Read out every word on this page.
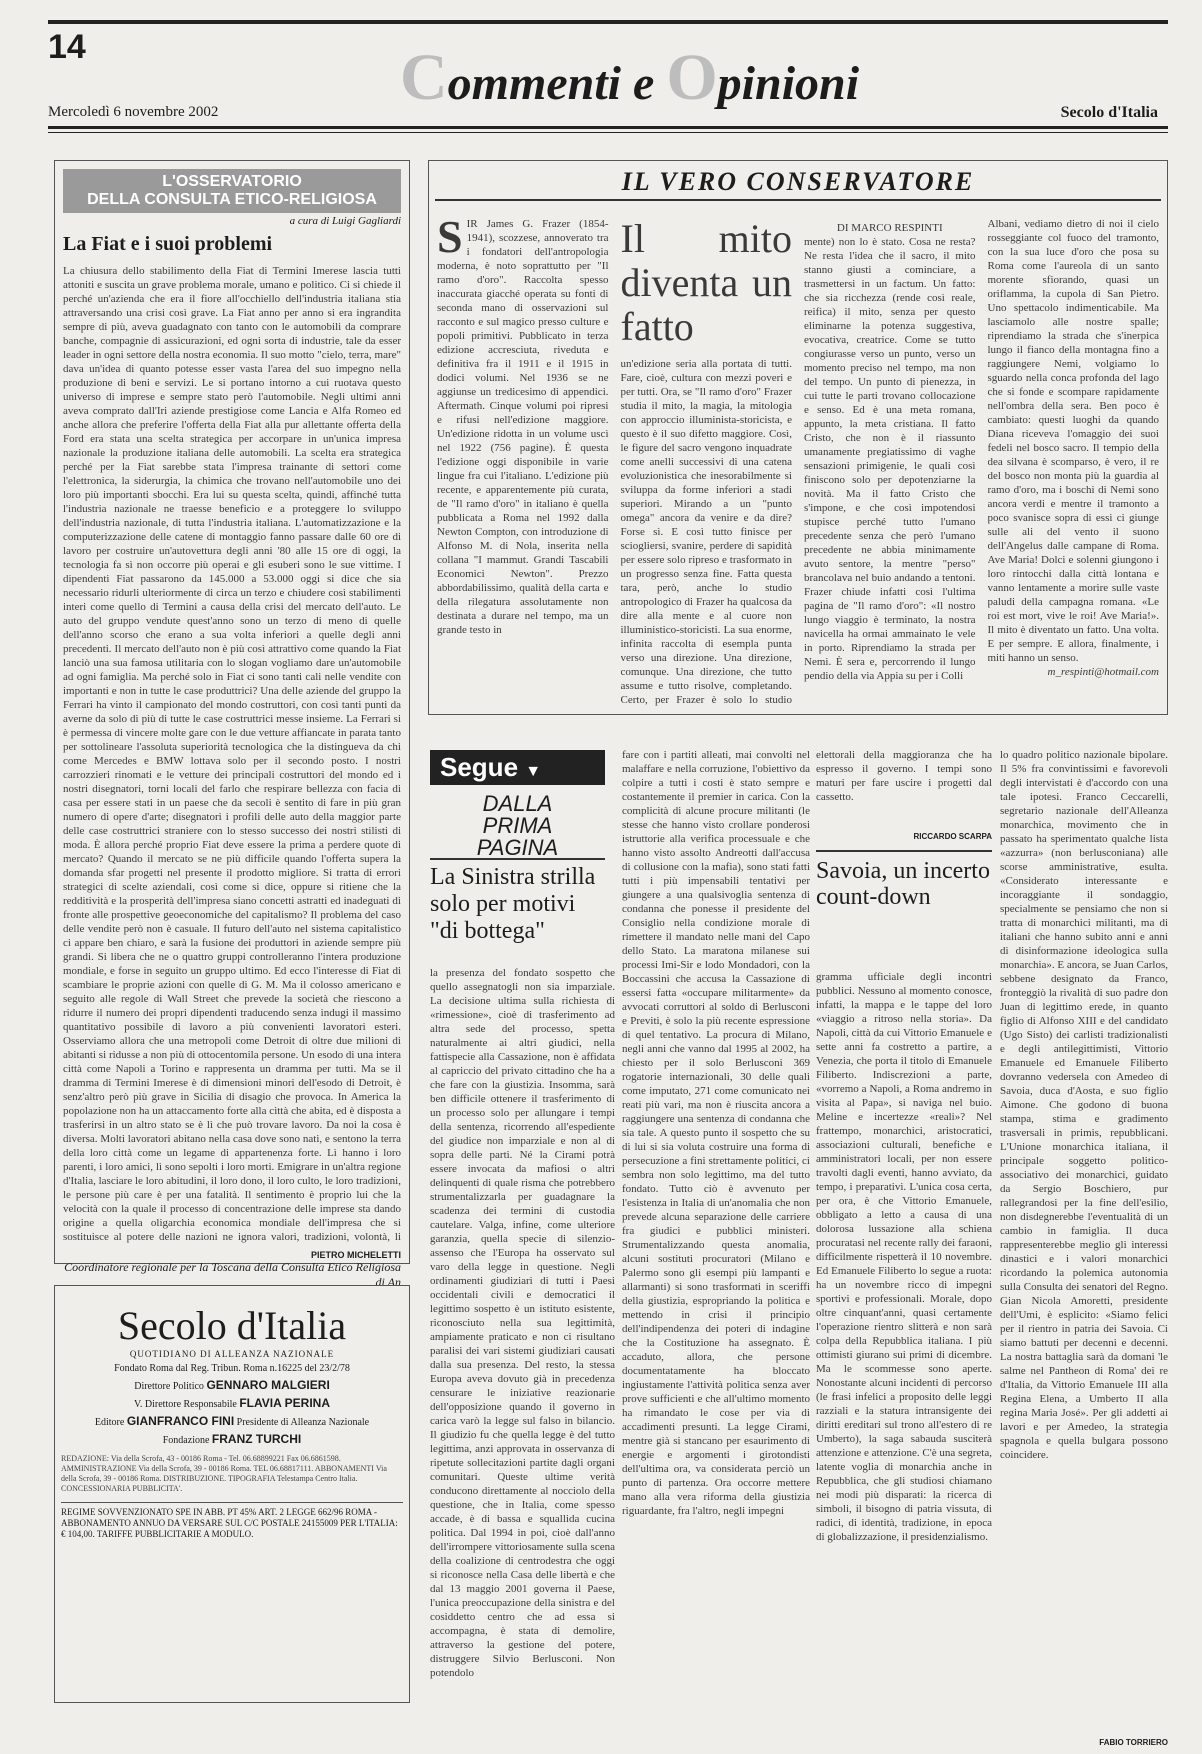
14	Commenti e Opinioni
Mercoledì 6 novembre 2002	Secolo d'Italia
L'OSSERVATORIO
DELLA CONSULTA ETICO-RELIGIOSA
a cura di Luigi Gagliardi
La Fiat e i suoi problemi
La chiusura dello stabilimento della Fiat di Termini Imerese lascia tutti attoniti e suscita un grave problema morale, umano e politico. Ci si chiede il perché un'azienda che era il fiore all'occhiello dell'industria italiana stia attraversando una crisi così grave. La Fiat anno per anno si era ingrandita sempre di più, aveva guadagnato con tanto con le automobili da comprare banche, compagnie di assicurazioni, ed ogni sorta di industrie, tale da esser leader in ogni settore della nostra economia. Il suo motto "cielo, terra, mare" dava un'idea di quanto potesse esser vasta l'area del suo impegno nella produzione di beni e servizi. Le si portano intorno a cui ruotava questo universo di imprese e sempre stato però l'automobile. Negli ultimi anni aveva comprato dall'Iri aziende prestigiose come Lancia e Alfa Romeo ed anche allora che preferire l'offerta della Fiat alla pur allettante offerta della Ford era stata una scelta strategica per accorpare in un'unica impresa nazionale la produzione italiana delle automobili. La scelta era strategica perché per la Fiat sarebbe stata l'impresa trainante di settori come l'elettronica, la siderurgia, la chimica che trovano nell'automobile uno dei loro più importanti sbocchi. Era lui su questa scelta, quindi, affinché tutta l'industria nazionale ne traesse beneficio e a proteggere lo sviluppo dell'industria nazionale, di tutta l'industria italiana. L'automatizzazione e la computerizzazione delle catene di montaggio fanno passare dalle 60 ore di lavoro per costruire un'autovettura degli anni '80 alle 15 ore di oggi, la tecnologia fa sì non occorre più operai e gli esuberi sono le sue vittime. I dipendenti Fiat passarono da 145.000 a 53.000 oggi si dice che sia necessario ridurli ulteriormente di circa un terzo e chiudere così stabilimenti interi come quello di Termini a causa della crisi del mercato dell'auto. Le auto del gruppo vendute quest'anno sono un terzo di meno di quelle dell'anno scorso che erano a sua volta inferiori a quelle degli anni precedenti. Il mercato dell'auto non è più così attrattivo come quando la Fiat lanciò una sua famosa utilitaria con lo slogan vogliamo dare un'automobile ad ogni famiglia. Ma perché solo in Fiat ci sono tanti cali nelle vendite con importanti e non in tutte le case produttrici? Una delle aziende del gruppo la Ferrari ha vinto il campionato del mondo costruttori, con così tanti punti da averne da solo di più di tutte le case costruttrici messe insieme. La Ferrari si è permessa di vincere molte gare con le due vetture affiancate in parata tanto per sottolineare l'assoluta superiorità tecnologica che la distingueva da chi come Mercedes e BMW lottava solo per il secondo posto. I nostri carrozzieri rinomati e le vetture dei principali costruttori del mondo ed i nostri disegnatori, torni locali del farlo che respirare bellezza con facia di casa per essere stati in un paese che da secoli è sentito di fare in più gran numero di opere d'arte; disegnatori i profili delle auto della maggior parte delle case costruttrici straniere con lo stesso successo dei nostri stilisti di moda. È allora perché proprio Fiat deve essere la prima a perdere quote di mercato? Quando il mercato se ne più difficile quando l'offerta supera la domanda sfar progetti nel presente il prodotto migliore. Si tratta di errori strategici di scelte aziendali, così come si dice, oppure si ritiene che la redditività e la prosperità dell'impresa siano concetti astratti ed inadeguati di fronte alle prospettive geoeconomiche del capitalismo? Il problema del caso delle vendite però non è casuale. Il futuro dell'auto nel sistema capitalistico ci appare ben chiaro, e sarà la fusione dei produttori in aziende sempre più grandi. Si libera che ne o quattro gruppi controlleranno l'intera produzione mondiale, e forse in seguito un gruppo ultimo. Ed ecco l'interesse di Fiat di scambiare le proprie azioni con quelle di G. M. Ma il colosso americano e seguito alle regole di Wall Street che prevede la società che riescono a ridurre il numero dei propri dipendenti traducendo senza indugi il massimo quantitativo possibile di lavoro a più convenienti lavoratori esteri. Osserviamo allora che una metropoli come Detroit di oltre due milioni di abitanti si ridusse a non più di ottocentomila persone. Un esodo di una intera città come Napoli a Torino e rappresenta un dramma per tutti. Ma se il dramma di Termini Imerese è di dimensioni minori dell'esodo di Detroit, è senz'altro però più grave in Sicilia di disagio che provoca. In America la popolazione non ha un attaccamento forte alla città che abita, ed è disposta a trasferirsi in un altro stato se è lì che può trovare lavoro. Da noi la cosa è diversa. Molti lavoratori abitano nella casa dove sono nati, e sentono la terra della loro città come un legame di appartenenza forte. Lì hanno i loro parenti, i loro amici, lì sono sepolti i loro morti. Emigrare in un'altra regione d'Italia, lasciare le loro abitudini, il loro dono, il loro culto, le loro tradizioni, le persone più care è per una fatalità. Il sentimento è proprio lui che la velocità con la quale il processo di concentrazione delle imprese sta dando origine a quella oligarchia economica mondiale dell'impresa che si sostituisce al potere delle nazioni ne ignora valori, tradizioni, volontà, li
PIETRO MICHELETTI
Coordinatore regionale per la Toscana della Consulta Etico Religiosa di An
Secolo d'Italia
QUOTIDIANO DI ALLEANZA NAZIONALE
Fondato Roma dal Reg. Tribun. Roma n.16225 del 23/2/78
Direttore Politico GENNARO MALGIERI
V. Direttore Responsabile FLAVIA PERINA
Editore GIANFRANCO FINI Presidente di Alleanza Nazionale
Fondazione FRANZ TURCHI
REDAZIONE: Via della Scrofa, 43 - 00186 Roma - Tel. 06.68899221 Fax 06.6861598. AMMINISTRAZIONE Via della Scrofa, 39 - 00186 Roma. TEL 06.68817111. ABBONAMENTI Via della Scrofa, 39 - 00186 Roma. DISTRIBUZIONE. TIPOGRAFIA Telestampa Centro Italia. CONCESSIONARIA PUBBLICITA'.
REGIME SOVVENZIONATO SPE IN ABB. PT 45% ART. 2 LEGGE 662/96 ROMA - ABBONAMENTO ANNUO DA VERSARE SUL C/C POSTALE 24155009 PER L'ITALIA: € 104,00. TARIFFE PUBBLICITARIE A MODULO.
IL VERO CONSERVATORE
SIR James G. Frazer (1854-1941), scozzese, annoverato tra i fondatori dell'antropologia moderna, è noto soprattutto per "Il ramo d'oro". Raccolta spesso inaccurata giacché operata su fonti di seconda mano di osservazioni sul racconto e sul magico presso culture e popoli primitivi. Pubblicato in terza edizione accresciuta, riveduta e definitiva fra il 1911 e il 1915 in dodici volumi. Nel 1936 se ne aggiunse un tredicesimo di appendici. Aftermath. Cinque volumi poi ripresi e rifusi nell'edizione maggiore. Un'edizione ridotta in un volume uscì nel 1922 (756 pagine). È questa l'edizione oggi disponibile in varie lingue fra cui l'italiano. L'edizione più recente, e apparentemente più curata, de "Il ramo d'oro" in italiano è quella pubblicata a Roma nel 1992 dalla Newton Compton, con introduzione di Alfonso M. di Nola, inserita nella collana "I mammut. Grandi Tascabili Economici Newton". Prezzo abbordabilissimo, qualità della carta e della rilegatura assolutamente non destinata a durare nel tempo, ma un grande testo in
Il mito diventa un fatto
un'edizione seria alla portata di tutti. Fare, cioè, cultura con mezzi poveri e per tutti. Ora, se "Il ramo d'oro" Frazer studia il mito, la magia, la mitologia con approccio illuminista-storicista, e questo è il suo difetto maggiore. Così, le figure del sacro vengono inquadrate come anelli successivi di una catena evoluzionistica che inesorabilmente si sviluppa da forme inferiori a stadi superiori. Mirando a un "punto omega" ancora da venire e da dire? Forse sì. E così tutto finisce per sciogliersi, svanire, perdere di sapidità per essere solo ripreso e trasformato in un progresso senza fine. Fatta questa tara, però, anche lo studio antropologico di Frazer ha qualcosa da dire alla mente e al cuore non illuministico-storicisti. La sua enorme, infinita raccolta di esempla punta verso una direzione. Una direzione, comunque. Una direzione, che tutto assume e tutto risolve, completando. Certo, per Frazer è solo lo studio
DI MARCO RESPINTI
mente) non lo è stato. Cosa ne resta? Ne resta l'idea che il sacro, il mito stanno giusti a cominciare, a trasmettersi in un factum. Un fatto: che sia ricchezza (rende così reale, reifica) il mito, senza per questo eliminarne la potenza suggestiva, evocativa, creatrice. Come se tutto congiurasse verso un punto, verso un momento preciso nel tempo, ma non del tempo. Un punto di pienezza, in cui tutte le parti trovano collocazione e senso. Ed è una meta romana, appunto, la meta cristiana. Il fatto Cristo, che non è il riassunto umanamente pregiatissimo di vaghe sensazioni primigenie, le quali così finiscono solo per depotenziarne la novità. Ma il fatto Cristo che s'impone, e che così impotendosi stupisce perché tutto l'umano precedente senza che però l'umano precedente ne abbia minimamente avuto sentore, la mentre "perso" brancolava nel buio andando a tentoni. Frazer chiude infatti così l'ultima pagina de "Il ramo d'oro": «Il nostro lungo viaggio è terminato, la nostra navicella ha ormai ammainato le vele in porto. Riprendiamo la strada per Nemi. È sera e, percorrendo il lungo pendio della via Appia su per i Colli
Albani, vediamo dietro di noi il cielo rosseggiante col fuoco del tramonto, con la sua luce d'oro che posa su Roma come l'aureola di un santo morente sfiorando, quasi un oriflamma, la cupola di San Pietro. Uno spettacolo indimenticabile. Ma lasciamolo alle nostre spalle; riprendiamo la strada che s'inerpica lungo il fianco della montagna fino a raggiungere Nemi, volgiamo lo sguardo nella conca profonda del lago che si fonde e scompare rapidamente nell'ombra della sera. Ben poco è cambiato: questi luoghi da quando Diana riceveva l'omaggio dei suoi fedeli nel bosco sacro. Il tempio della dea silvana è scomparso, è vero, il re del bosco non monta più la guardia al ramo d'oro, ma i boschi di Nemi sono ancora verdi e mentre il tramonto a poco svanisce sopra di essi ci giunge sulle ali del vento il suono dell'Angelus dalle campane di Roma. Ave Maria! Dolci e solenni giungono i loro rintocchi dalla città lontana e vanno lentamente a morire sulle vaste paludi della campagna romana. «Le roi est mort, vive le roi! Ave Maria!». Il mito è diventato un fatto. Una volta. E per sempre. E allora, finalmente, i miti hanno un senso.
m_respinti@hotmail.com
Segue ▼
DALLA
PRIMA
PAGINA
La Sinistra strilla solo per motivi "di bottega"
la presenza del fondato sospetto che quello assegnatogli non sia imparziale. La decisione ultima sulla richiesta di «rimessione», cioè di trasferimento ad altra sede del processo, spetta naturalmente ai altri giudici, nella fattispecie alla Cassazione, non è affidata al capriccio del privato cittadino che ha a che fare con la giustizia. Insomma, sarà ben difficile ottenere il trasferimento di un processo solo per allungare i tempi della sentenza, ricorrendo all'espediente del giudice non imparziale e non al di sopra delle parti. Né la Cirami potrà essere invocata da mafiosi o altri delinquenti di quale risma che potrebbero strumentalizzarla per guadagnare la scadenza dei termini di custodia cautelare. Valga, infine, come ulteriore garanzia, quella specie di silenzio-assenso che l'Europa ha osservato sul varo della legge in questione. Negli ordinamenti giudiziari di tutti i Paesi occidentali civili e democratici il legittimo sospetto è un istituto esistente, riconosciuto nella sua legittimità, ampiamente praticato e non ci risultano paralisi dei vari sistemi giudiziari causati dalla sua presenza. Del resto, la stessa Europa aveva dovuto già in precedenza censurare le iniziative reazionarie dell'opposizione quando il governo in carica varò la legge sul falso in bilancio. Il giudizio fu che quella legge è del tutto legittima, anzi approvata in osservanza di ripetute sollecitazioni partite dagli organi comunitari. Queste ultime verità conducono direttamente al nocciolo della questione, che in Italia, come spesso accade, è di bassa e squallida cucina politica. Dal 1994 in poi, cioè dall'anno dell'irrompere vittoriosamente sulla scena della coalizione di centrodestra che oggi si riconosce nella Casa delle libertà e che dal 13 maggio 2001 governa il Paese, l'unica preoccupazione della sinistra e del cosiddetto centro che ad essa si accompagna, è stata di demolire, attraverso la gestione del potere, distruggere Silvio Berlusconi. Non potendolo
fare con i partiti alleati, mai convolti nel malaffare e nella corruzione, l'obiettivo da colpire a tutti i costi è stato sempre e costantemente il premier in carica. Con la complicità di alcune procure militanti (le stesse che hanno visto crollare ponderosi istruttorie alla verifica processuale e che hanno visto assolto Andreotti dall'accusa di collusione con la mafia), sono stati fatti tutti i più impensabili tentativi per giungere a una qualsivoglia sentenza di condanna che ponesse il presidente del Consiglio nella condizione morale di rimettere il mandato nelle mani del Capo dello Stato. La maratona milanese sui processi Imi-Sir e lodo Mondadori, con la Boccassini che accusa la Cassazione di essersi fatta «occupare militarmente» da avvocati corruttori al soldo di Berlusconi e Previti, è solo la più recente espressione di quel tentativo. La procura di Milano, negli anni che vanno dal 1995 al 2002, ha chiesto per il solo Berlusconi 369 rogatorie internazionali, 30 delle quali come imputato, 271 come comunicato nei reati più vari, ma non è riuscita ancora a raggiungere una sentenza di condanna che sia tale. A questo punto il sospetto che su di lui si sia voluta costruire una forma di persecuzione a fini strettamente politici, ci sembra non solo legittimo, ma del tutto fondato. Tutto ciò è avvenuto per l'esistenza in Italia di un'anomalia che non prevede alcuna separazione delle carriere fra giudici e pubblici ministeri. Strumentalizzando questa anomalia, alcuni sostituti procuratori (Milano e Palermo sono gli esempi più lampanti e allarmanti) si sono trasformati in sceriffi della giustizia, espropriando la politica e mettendo in crisi il principio dell'indipendenza dei poteri di indagine che la Costituzione ha assegnato. È accaduto, allora, che persone documentatamente ha bloccato ingiustamente l'attività politica senza aver prove sufficienti e che all'ultimo momento ha rimandato le cose per via di accadimenti presunti. La legge Cirami, mentre già si stancano per esaurimento di energie e argomenti i girotondisti dell'ultima ora, va considerata perciò un punto di partenza. Ora occorre mettere mano alla vera riforma della giustizia riguardante, fra l'altro, negli impegni
elettorali della maggioranza che ha espresso il governo. I tempi sono maturi per fare uscire i progetti dal cassetto.
RICCARDO SCARPA
Savoia, un incerto count-down
gramma ufficiale degli incontri pubblici. Nessuno al momento conosce, infatti, la mappa e le tappe del loro «viaggio a ritroso nella storia». Da Napoli, città da cui Vittorio Emanuele e sette anni fa costretto a partire, a Venezia, che porta il titolo di Emanuele Filiberto. Indiscrezioni a parte, «vorremo a Napoli, a Roma andremo in visita al Papa», si naviga nel buio. Meline e incertezze «reali»? Nel frattempo, monarchici, aristocratici, associazioni culturali, benefiche e amministratori locali, per non essere travolti dagli eventi, hanno avviato, da tempo, i preparativi. L'unica cosa certa, per ora, è che Vittorio Emanuele, obbligato a letto a causa di una dolorosa lussazione alla schiena procuratasi nel recente rally dei faraoni, difficilmente rispetterà il 10 novembre. Ed Emanuele Filiberto lo segue a ruota: ha un novembre ricco di impegni sportivi e professionali. Morale, dopo oltre cinquant'anni, quasi certamente l'operazione rientro slitterà e non sarà colpa della Repubblica italiana. I più ottimisti giurano sui primi di dicembre. Ma le scommesse sono aperte. Nonostante alcuni incidenti di percorso (le frasi infelici a proposito delle leggi razziali e la statura intransigente dei diritti ereditari sul trono all'estero di re Umberto), la saga sabauda susciterà attenzione e attenzione. C'è una segreta, latente voglia di monarchia anche in Repubblica, che gli studiosi chiamano nei modi più disparati: la ricerca di simboli, il bisogno di patria vissuta, di radici, di identità, tradizione, in epoca di globalizzazione, il presidenzialismo.
lo quadro politico nazionale bipolare. Il 5% fra convintissimi e favorevoli degli intervistati è d'accordo con una tale ipotesi. Franco Ceccarelli, segretario nazionale dell'Alleanza monarchica, movimento che in passato ha sperimentato qualche lista «azzurra» (non berlusconiana) alle scorse amministrative, esulta. «Considerato interessante e incoraggiante il sondaggio, specialmente se pensiamo che non si tratta di monarchici militanti, ma di italiani che hanno subito anni e anni di disinformazione ideologica sulla monarchia». E ancora, se Juan Carlos, sebbene designato da Franco, fronteggiò la rivalità di suo padre don Juan di legittimo erede, in quanto figlio di Alfonso XIII e del candidato (Ugo Sisto) dei carlisti tradizionalisti e degli antilegittimisti, Vittorio Emanuele ed Emanuele Filiberto dovranno vedersela con Amedeo di Savoia, duca d'Aosta, e suo figlio Aimone. Che godono di buona stampa, stima e gradimento trasversali in primis, repubblicani. L'Unione monarchica italiana, il principale soggetto politico-associativo dei monarchici, guidato da Sergio Boschiero, pur rallegrandosi per la fine dell'esilio, non disdegnerebbe l'eventualità di un cambio in famiglia. Il duca rappresenterebbe meglio gli interessi dinastici e i valori monarchici ricordando la polemica autonomia sulla Consulta dei senatori del Regno. Gian Nicola Amoretti, presidente dell'Umi, è esplicito: «Siamo felici per il rientro in patria dei Savoia. Ci siamo battuti per decenni e decenni. La nostra battaglia sarà da domani 'le salme nel Pantheon di Roma' dei re d'Italia, da Vittorio Emanuele III alla Regina Elena, a Umberto II alla regina Maria José». Per gli addetti ai lavori e per Amedeo, la strategia spagnola e quella bulgara possono coincidere.
FABIO TORRIERO
